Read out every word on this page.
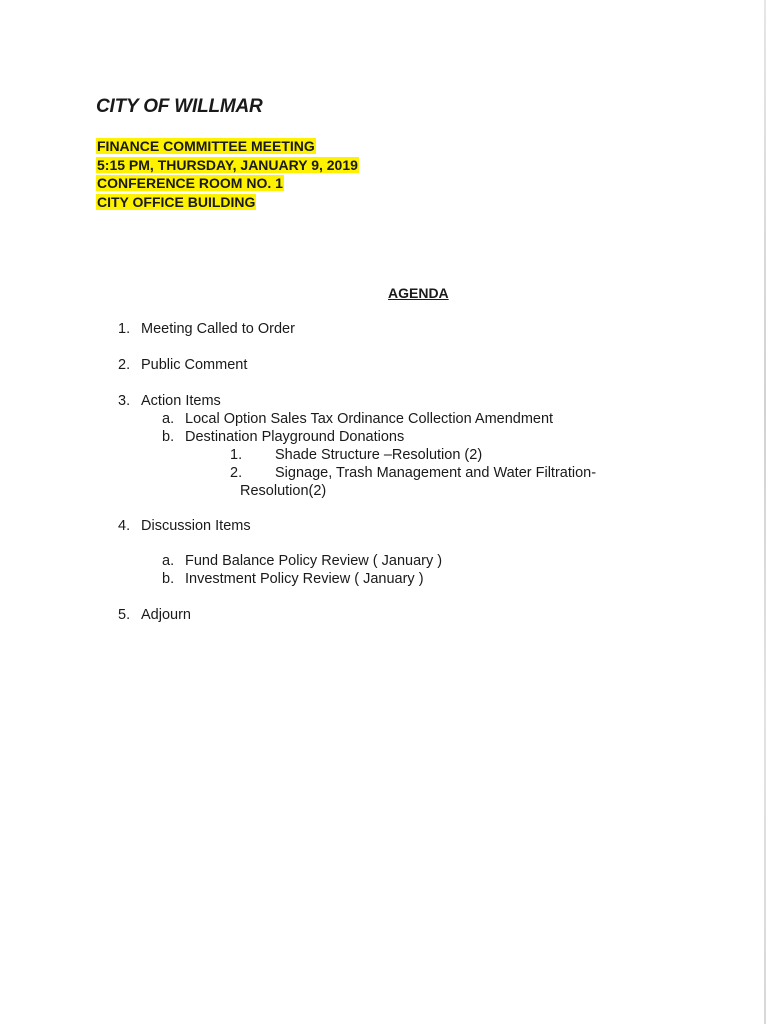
CITY OF WILLMAR
FINANCE COMMITTEE MEETING
5:15 PM, THURSDAY, JANUARY 9, 2019
CONFERENCE ROOM NO. 1
CITY OFFICE BUILDING
AGENDA
1. Meeting Called to Order
2. Public Comment
3. Action Items
a. Local Option Sales Tax Ordinance Collection Amendment
b. Destination Playground Donations
1. Shade Structure –Resolution (2)
2. Signage, Trash Management and Water Filtration-
Resolution(2)
4. Discussion Items
a. Fund Balance Policy Review ( January )
b. Investment Policy Review ( January )
5. Adjourn
